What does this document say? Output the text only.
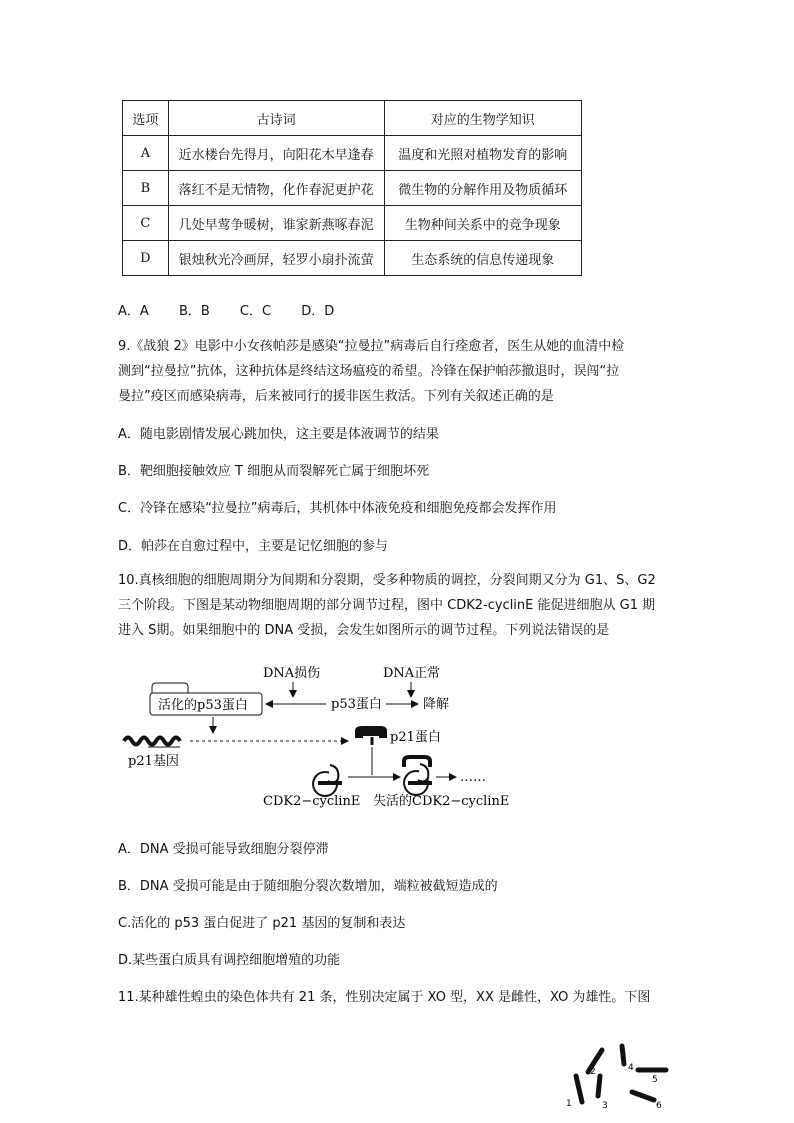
选项	古诗词	对应的生物学知识
A	近水楼台先得月，向阳花木早逢春	温度和光照对植物发育的影响
B	落红不是无情物，化作春泥更护花	微生物的分解作用及物质循环
C	几处早莺争暖树，谁家新燕啄春泥	生物种间关系中的竞争现象
D	银烛秋光冷画屏，轻罗小扇扑流萤	生态系统的信息传递现象
A．A B．B C．C D．D
9.《战狼 2》电影中小女孩帕莎是感染“拉曼拉”病毒后自行痊愈者，医生从她的血清中检
测到“拉曼拉”抗体，这种抗体是终结这场瘟疫的希望。冷锋在保护帕莎撤退时，误闯“拉
曼拉”疫区而感染病毒，后来被同行的援非医生救活。下列有关叙述正确的是
A．随电影剧情发展心跳加快，这主要是体液调节的结果
B．靶细胞接触效应 T 细胞从而裂解死亡属于细胞坏死
C．冷锋在感染“拉曼拉”病毒后，其机体中体液免疫和细胞免疫都会发挥作用
D．帕莎在自愈过程中，主要是记忆细胞的参与
10.真核细胞的细胞周期分为间期和分裂期，受多种物质的调控，分裂间期又分为 G1、S、G2
三个阶段。下图是某动物细胞周期的部分调节过程，图中 CDK2-cyclinE 能促进细胞从 G1 期
进入 S期。如果细胞中的 DNA 受损，会发生如图所示的调节过程。下列说法错误的是
DNA损伤	DNA正常
活化的p53蛋白	p53蛋白	降解
p21基因
p21蛋白
CDK2−cyclinE
……
失活的CDK2−cyclinE
A．DNA 受损可能导致细胞分裂停滞
B．DNA 受损可能是由于随细胞分裂次数增加，端粒被截短造成的
C.活化的 p53 蛋白促进了 p21 基因的复制和表达
D.某些蛋白质具有调控细胞增殖的功能
11.某种雄性蝗虫的染色体共有 21 条，性别决定属于 XO 型，XX 是雌性，XO 为雄性。下图
1
2
3
4
5
6
